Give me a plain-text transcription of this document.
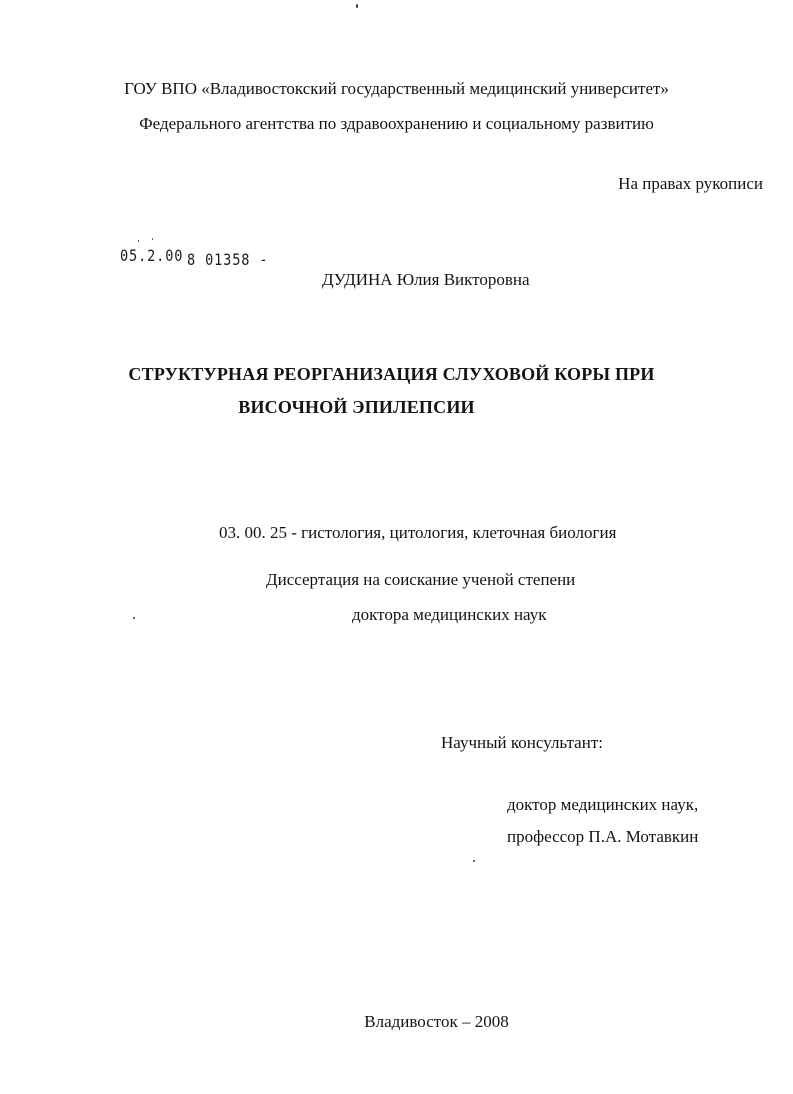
ГОУ ВПО «Владивостокский государственный медицинский университет»
Федерального агентства по здравоохранению и социальному развитию
На правах рукописи
05.2.00 8 01358 -
ДУДИНА Юлия Викторовна
СТРУКТУРНАЯ РЕОРГАНИЗАЦИЯ СЛУХОВОЙ КОРЫ ПРИ
ВИСОЧНОЙ ЭПИЛЕПСИИ
03. 00. 25 - гистология, цитология, клеточная биология
Диссертация на соискание ученой степени
доктора медицинских наук
Научный консультант:
доктор медицинских наук,
профессор П.А. Мотавкин
Владивосток – 2008
